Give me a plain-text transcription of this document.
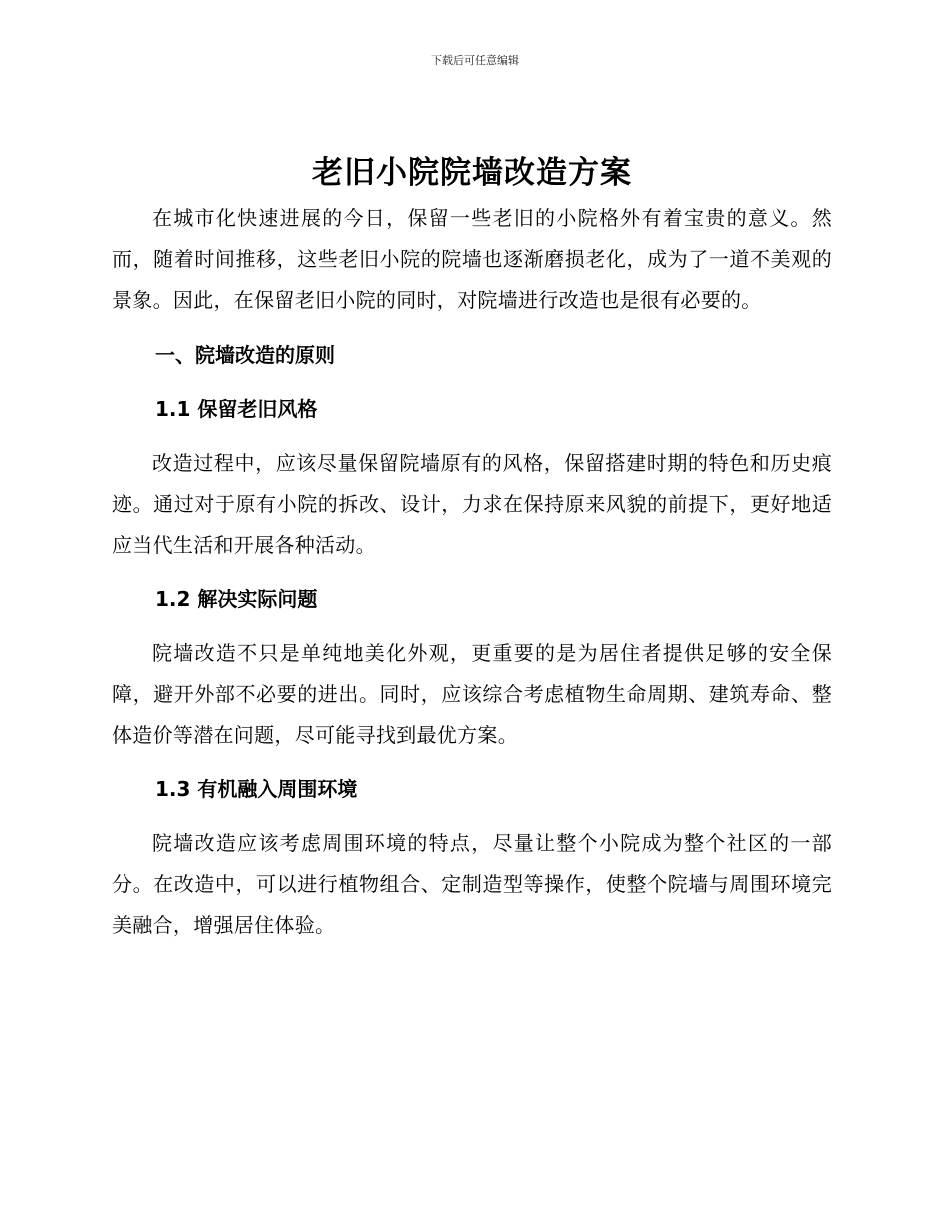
下载后可任意编辑
老旧小院院墙改造方案

在城市化快速进展的今日，保留一些老旧的小院格外有着宝贵的意义。然而，随着时间推移，这些老旧小院的院墙也逐渐磨损老化，成为了一道不美观的景象。因此，在保留老旧小院的同时，对院墙进行改造也是很有必要的。

一、院墙改造的原则
1.1 保留老旧风格

改造过程中，应该尽量保留院墙原有的风格，保留搭建时期的特色和历史痕迹。通过对于原有小院的拆改、设计，力求在保持原来风貌的前提下，更好地适应当代生活和开展各种活动。

1.2 解决实际问题

院墙改造不只是单纯地美化外观，更重要的是为居住者提供足够的安全保障，避开外部不必要的进出。同时，应该综合考虑植物生命周期、建筑寿命、整体造价等潜在问题，尽可能寻找到最优方案。

1.3 有机融入周围环境

院墙改造应该考虑周围环境的特点，尽量让整个小院成为整个社区的一部分。在改造中，可以进行植物组合、定制造型等操作，使整个院墙与周围环境完美融合，增强居住体验。
